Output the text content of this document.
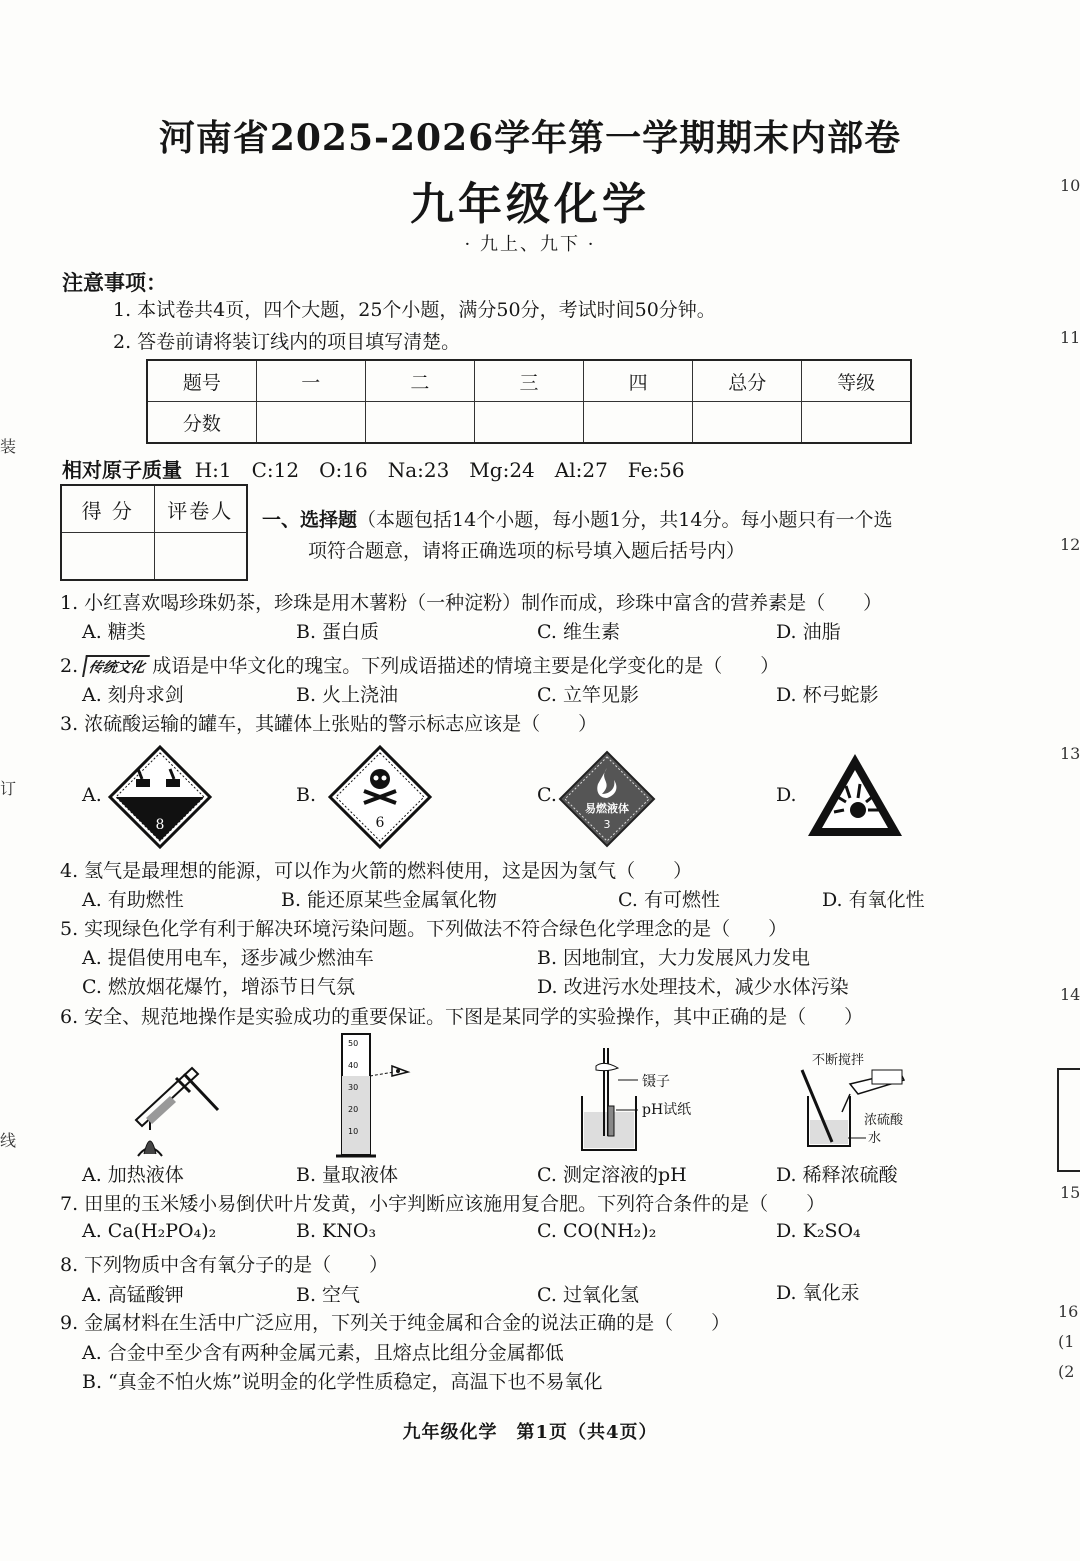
⠀	河南省2025-2026学年第一学期期末内部卷
九年级化学
· 九上、九下 ·
注意事项：
1. 本试卷共4页，四个大题，25个小题，满分50分，考试时间50分钟。
2. 答卷前请将装订线内的项目填写清楚。
题号	一	二	三	四	总分	等级
分数						
相对原子质量 H:1　C:12　O:16　Na:23　Mg:24　Al:27　Fe:56
得 分	评卷人
	一、选择题（本题包括14个小题，每小题1分，共14分。每小题只有一个选
项符合题意，请将正确选项的标号填入题后括号内）
1. 小红喜欢喝珍珠奶茶，珍珠是用木薯粉（一种淀粉）制作而成，珍珠中富含的营养素是（　　）
A. 糖类	B. 蛋白质	C. 维生素	D. 油脂
2. 传统文化 成语是中华文化的瑰宝。下列成语描述的情境主要是化学变化的是（　　）
A. 刻舟求剑	B. 火上浇油	C. 立竿见影	D. 杯弓蛇影
3. 浓硫酸运输的罐车，其罐体上张贴的警示标志应该是（　　）
A.	B.	C.	D.
8	6
易燃液体
3
4. 氢气是最理想的能源，可以作为火箭的燃料使用，这是因为氢气（　　）
A. 有助燃性	B. 能还原某些金属氧化物	C. 有可燃性	D. 有氧化性
5. 实现绿色化学有利于解决环境污染问题。下列做法不符合绿色化学理念的是（　　）
A. 提倡使用电车，逐步减少燃油车	B. 因地制宜，大力发展风力发电
C. 燃放烟花爆竹，增添节日气氛	D. 改进污水处理技术，减少水体污染
6. 安全、规范地操作是实验成功的重要保证。下图是某同学的实验操作，其中正确的是（　　）
50
40
30
20
10
镊子
pH试纸
不断搅拌
浓硫酸
水
A. 加热液体	B. 量取液体	C. 测定溶液的pH	D. 稀释浓硫酸
7. 田里的玉米矮小易倒伏叶片发黄，小宇判断应该施用复合肥。下列符合条件的是（　　）
A. Ca(H₂PO₄)₂	B. KNO₃	C. CO(NH₂)₂	D. K₂SO₄
8. 下列物质中含有氧分子的是（　　）
A. 高锰酸钾	B. 空气	C. 过氧化氢	D. 氧化汞
9. 金属材料在生活中广泛应用，下列关于纯金属和合金的说法正确的是（　　）
A. 合金中至少含有两种金属元素，且熔点比组分金属都低
B. “真金不怕火炼”说明金的化学性质稳定，高温下也不易氧化
九年级化学　第1页（共4页）
10
11
12
13
14
15
16
(1
(2
装
订
线
